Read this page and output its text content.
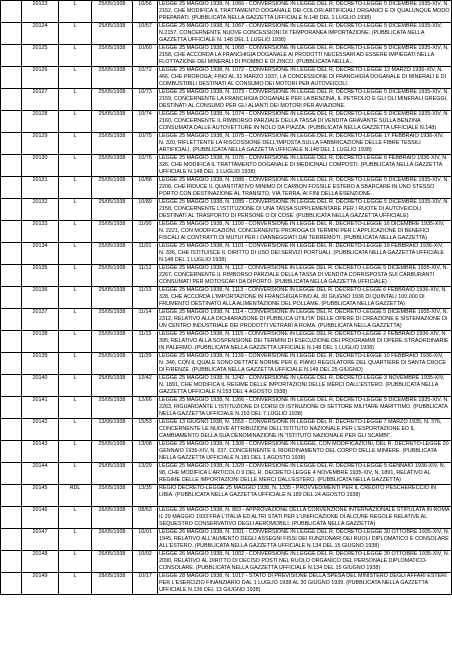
	20123	L	25/05/1938	10/56	LEGGE 25 MAGGIO 1938, N. 1066 - CONVERSIONE IN LEGGE DEL R. DECRETO-LEGGE 5 DICEMBRE 1935-XIV, N. 2152, CHE MODIFICA IL TRATTAMENTO DOGANALE DEI COLORI ARTIFICIALI ORGANICI E DI QUALUNQUE MODO PREPARATI. (PUBBLICATA NELLA GAZZETTA UFFICIALE N.148 DEL 1 LUGLIO 1938)
	20124	L	25/05/1938	10/57	LEGGE 25 MAGGIO 1938, N. 1067 - CONVERSIONE IN LEGGE DEL R. DECRETO-LEGGE 5 DICEMBRE 1935-XIV, N.2157, CONCERNENTE NUOVE CONCESSIONI DI TEMPORANEA IMPORTAZIONE. (PUBBLICATA NELLA GAZZETTA UFFICIALE N. 148 DEL 1 LUGLIO 1938)
	20125	L	25/05/1938	10/60	LEGGE 25 MAGGIO 1938, N. 1068 - CONVERSIONE IN LEGGE DEL R. DECRETO-LEGGE 5 DICEMBRE 1935-XIV, N. 2158, CHE ACCORDA LA FRANCHIGIA DOGANALE AI PRODOTTI NECESSARI AD ESSERE IMPIEGATI NELLA FLOTTAZIONE DEI MINERALI DI PIOMBO E DI ZINCO. (PUBBLICATA NELLA...
	20126	L	25/05/1938	10/72	LEGGE 25 MAGGIO 1938, N. 1072 - CONVERSIONE IN LEGGE DEL R. DECRETO-LEGGE 12 MARZO 1936-XIV, N. 466, CHE PROROGA, FINO AL 31 MARZO 1937, LA CONCESSIONE DI FRANCHIGIA DOGANALE DI MINERALI E DI COMBUSTIBILI DESTINATI AL CONSUMO DEI MOTORI PER AUTOVEICOLI.
	20127	L	25/05/1938	10/73	LEGGE 25 MAGGIO 1938, N. 1073 - CONVERSIONE IN LEGGE DEL R. DECRETO-LEGGE 5 DICEMBRE 1935-XIV, N. 2159, CONCERNENTE LA FRANCHIGIA DOGANALE PER LA BENZINA, IL PETROLIO E GLI OLI MINERALI GREGGI, DESTINATI AL CONSUMO PER GLI ALIANTI DEI MOTORI PER AVIAZIONE.
	20128	L	25/05/1938	10/74	LEGGE 25 MAGGIO 1938, N. 1074 - CONVERSIONE IN LEGGE DEL R. DECRETO-LEGGE 5 DICEMBRE 1935-XIV, N. 2160, CONCERNENTE IL RIMBORSO PARZIALE DELLA TASSA DI VENDITA GRAVANTE SULLA BENZINA CONSUMATA DALLE AUTOVETTURE IN NOLO DA PIAZZA. (PUBBLICATA NELLA GAZZETTA UFFICIALE N.148)
	20129	L	25/05/1938	10/75	LEGGE 25 MAGGIO 1938, N. 1075 - CONVERSIONE IN LEGGE DEL R. DECRETO-LEGGE 17 FEBBRAIO 1936-XIV, N. 320, RIFLETTENTE LA RISCOSSIONE DELL'IMPOSTA SULLA FABBRICAZIONE DELLE FIBRE TESSILI ARTIFICIALI. (PUBBLICATA NELLA GAZZETTA UFFICIALE N.148 DEL 1 LUGLIO 1938)
	20130	L	25/05/1938	10/76	LEGGE 25 MAGGIO 1938, N. 1076 - CONVERSIONE IN LEGGE DEL R. DECRETO-LEGGE 6 FEBBRAIO 1936-XIV, N. 326, CHE MODIFICA IL TRATTAMENTO DOGANALE DI MEDICINALI COMPOSTI. (PUBBLICATA NELLA GAZZETTA UFFICIALE N.148 DEL 1 LUGLIO 1938)
	20131	L	25/05/1938	10/88	LEGGE 25 MAGGIO 1938, N. 1088 - CONVERSIONE IN LEGGE DEL R. DECRETO-LEGGE 5 DICEMBRE 1935-XIV, N. 2208, CHE RIDUCE IL QUANTITATIVO MINIMO DI CARBON FOSSILE ESTERO A SBARCARE IN UNO STESSO PORTO CON DESTINAZIONE AL TRANSITO, VIA TERRA, AI FINI DELLA ESENZIONE.
	20132	L	25/05/1938	10/89	LEGGE 25 MAGGIO 1938, N. 1089 - CONVERSIONE IN LEGGE DEL R. DECRETO-LEGGE 5 DICEMBRE 1935-XIV, N. 2158, CONCERNENTE L'ISTITUZIONE DI UNA TASSA SUPPLEMENTARE PER I RUOTE DI AUTOVEICOLI DESTINATI AL TRASPORTO DI PERSONE O DI COSE. (PUBBLICATA NELLA GAZZETTA UFFICIALE)
	20133	L	25/05/1938	11/00	LEGGE 25 MAGGIO 1938, N. 1100 - CONVERSIONE IN LEGGE DEL R. DECRETO-LEGGE 16 DICEMBRE 1935-XIV, N. 2221, CON MODIFICAZIONI, CONCERNENTE PROROGA DI TERMINI PER L'APPLICAZIONE DI BENEFICI FISCALI AI CONTRATTI DI MUTUI PER I DANNEGGIATI DAI TERREMOTI. (PUBBLICATA NELLA GAZZETTA)
	20134	L	25/05/1938	11/01	LEGGE 25 MAGGIO 1938, N. 1101 - CONVERSIONE IN LEGGE DEL R. DECRETO-LEGGE 19 FEBBRAIO 1936-XIV, N. 336, CHE ISTITUISCE IL DIRITTO DI USO DEI SERVIZI PORTUALI. (PUBBLICATA NELLA GAZZETTA UFFICIALE N.148 DEL 1 LUGLIO 1938)
	20135	L	25/05/1938	11/12	LEGGE 25 MAGGIO 1938, N. 1112 - CONVERSIONE IN LEGGE DEL R. DECRETO-LEGGE 5 DICEMBRE 1935-XIV, N. 2267, CONCERNENTE IL RIMBORSO PARZIALE DELLA TASSA DI VENDITA CORRISPOSTA SUI CARBURANTI CONSUMATI PER MOTOSCAFI DA DIPORTO. (PUBBLICATA NELLA GAZZETTA UFFICIALE)
	20136	L	25/05/1938	11/13	LEGGE 25 MAGGIO 1938, N. 1113 - CONVERSIONE IN LEGGE DEL R. DECRETO-LEGGE 6 FEBBRAIO 1936-XIV, N. 328, CHE ACCORDA L'IMPORTAZIONE IN FRANCHIGIA FINO AL 30 GIUGNO 1936 DI QUINTALI 100.000 DI FRUMENTO DESTINATO ALLA ALIMENTAZIONE DEL POLLAME. (PUBBLICATA NELLA GAZZETTA)
	20137	L	25/05/1938	11/14	LEGGE 25 MAGGIO 1938, N. 1114 - CONVERSIONE IN LEGGE DEL R. DECRETO-LEGGE 5 DICEMBRE 1935-XIV, N. 2312, RELATIVO ALLA DICHIARAZIONE DI PUBBLICA UTILITA' DELLE OPERE DI CREAZIONE E SISTEMAZIONE DI UN CENTRO INDUSTRIALE DEI PRODOTTI VETRARI A ROMA. (PUBBLICATA NELLA GAZZETTA)
	20138	L	25/05/1938	11/15	LEGGE 25 MAGGIO 1938, N. 1115 - CONVERSIONE IN LEGGE DEL R. DECRETO-LEGGE 2 FEBBRAIO 1936-XIV, N. 395, RELATIVO ALLA SOSPENSIONE DEI TERMINI DI ESECUZIONE DEI PROGRAMMI DI OPERE STRAORDINARIE IN PALERMO. (PUBBLICATA NELLA GAZZETTA UFFICIALE N.148 DEL 1 LUGLIO 1938)
	20139	L	25/05/1938	11/39	LEGGE 25 MAGGIO 1938, N. 1139 - CONVERSIONE IN LEGGE DEL R. DECRETO-LEGGE 10 FEBBRAIO 1936-XIV, N. 346, CON IL QUALE SONO DETTATE NORME PER IL PIANO REGOLATORE DEL QUARTIERE DI SANTA CROCE DI FIRENZE. (PUBBLICATA NELLA GAZZETTA UFFICIALE N.149 DEL 25 GIUGNO)
	20140	L	25/05/1938	12/42	LEGGE 25 MAGGIO 1938, N. 1242 - CONVERSIONE IN LEGGE DEL R. DECRETO-LEGGE 3 NOVEMBRE 1935-XIV, N. 1891, CHE MODIFICA IL REGIME DELLE IMPORTAZIONI DELLE MERCI DALL'ESTERO. (PUBBLICATA NELLA GAZZETTA UFFICIALE N.153 DEL 4 AGOSTO 1938)
	20141	L	25/05/1938	12/66	LEGGE 25 MAGGIO 1938, N. 1266 - CONVERSIONE IN LEGGE DEL R. DECRETO-LEGGE 5 DICEMBRE 1935-XIV, N. 2263, RIGUARDANTE L'ISTITUZIONE DI CORSI DI ISTRUZIONE DI SETTORE MILITARE MARITTIMO. (PUBBLICATA NELLA GAZZETTA UFFICIALE N.153 DEL 7 LUGLIO 1938)
	20142	L	13/06/1938	15/53	LEGGE 13 GIUGNO 1938, N. 1553 - CONVERSIONE IN LEGGE DEL R. DECRETO-LEGGE 7 MARZO 1935, N. 376, CONCERNENTE LE NUOVE ATTRIBUZIONI DELL'ISTITUTO NAZIONALE PER L'ESPORTAZIONE ED IL CAMBIAMENTO DELLA SUA DENOMINAZIONE IN "ISTITUTO NAZIONALE PER GLI SCAMBI".
	20143	L	25/05/1938	13/08	LEGGE 25 MAGGIO 1938, N. 1308 - CONVERSIONE IN LEGGE, CON MODIFICAZIONI, DEL R. DECRETO-LEGGE 20 GENNAIO 1936-XIV, N. 237, CONCERNENTE IL RIORDINAMENTO DEL CORPO DELLE MINIERE. (PUBBLICATA NELLA GAZZETTA UFFICIALE N.181 DEL 1 AGOSTO 1938)
	20144	L	25/05/1938	13/29	LEGGE 25 MAGGIO 1938, N. 1329 - CONVERSIONE IN LEGGE DEL R. DECRETO-LEGGE 5 GENNAIO 1936-XIV, N. 98, CHE MODIFICA L'ARTICOLO 9 DEL R. DECRETO-LEGGE 4 NOVEMBRE 1935-XIV, N. 1891, RELATIVO AL REGIME DELLE IMPORTAZIONI DELLE MERCI DALL'ESTERO. (PUBBLICATA NELLA GAZZETTA)
	20145	RDL	25/05/1938	13/35	REGIO DECRETO-LEGGE 25 MAGGIO 1938, N. 1335 - PROVVEDIMENTI PER IL CREDITO PESCHERECCIO IN LIBIA. (PUBBLICATA NELLA GAZZETTA UFFICIALE N.189 DEL 24 AGOSTO 1938)
	20146	L	26/05/1938	08/63	LEGGE 26 MAGGIO 1938, N. 863 - APPROVAZIONE DELLA CONVENZIONE INTERNAZIONALE STIPULATA IN ROMA IL 29 MAGGIO 1933 FRA L'ITALIA ED ALTRI STATI PER L'UNIFICAZIONE DI ALCUNE REGOLE RELATIVE AL SEQUESTRO CONSERVATIVO DEGLI AEROMOBILI. (PUBBLICATA NELLA GAZZETTA)
	20147	L	26/05/1938	10/01	LEGGE 26 MAGGIO 1938, N. 1001 - CONVERSIONE IN LEGGE DEL R. DECRETO-LEGGE 30 OTTOBRE 1935-XIV, N. 1945, RELATIVO ALL'AUMENTO DEGLI ASSEGNI FISSI DEI FUNZIONARI DEI RUOLI DIPLOMATICO E CONSOLARE ALL'ESTERO. (PUBBLICATA NELLA GAZZETTA UFFICIALE N.134 DEL 15 GIUGNO 1938)
	20148	L	26/05/1938	10/02	LEGGE 26 MAGGIO 1938, N. 1002 - CONVERSIONE IN LEGGE DEL R. DECRETO-LEGGE 30 OTTOBRE 1935-XIV, N. 2090, RELATIVO AL DIRITTO DI DECISO POSTI NEL RUOLO ORGANICO DEL PERSONALE DIPLOMATICO-CONSOLARE. (PUBBLICATA NELLA GAZZETTA UFFICIALE N.134 DEL 15 GIUGNO 1938)
	20149	L	28/05/1938	10/17	LEGGE 28 MAGGIO 1938, N. 1017 - STATO DI PREVISIONE DELLA SPESA DEL MINISTERO DEGLI AFFARI ESTERI PER L'ESERCIZIO FINANZIARIO DAL 1 LUGLIO 1938 AL 30 GIUGNO 1939. (PUBBLICATA NELLA GAZZETTA UFFICIALE N.136 DEL 13 GIUGNO 1938)
